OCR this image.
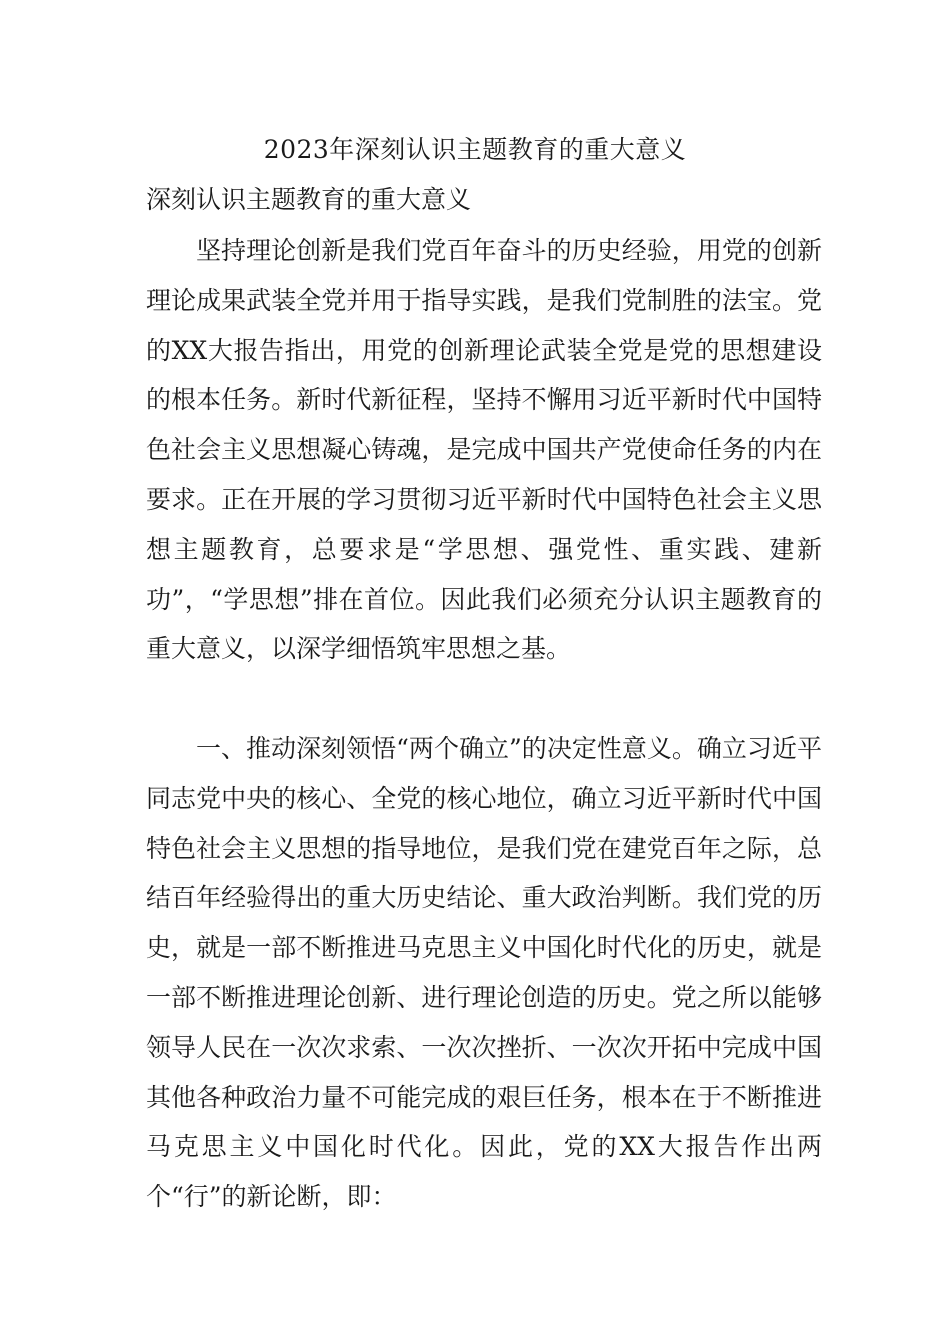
2023年深刻认识主题教育的重大意义
深刻认识主题教育的重大意义

坚持理论创新是我们党百年奋斗的历史经验，用党的创新理论成果武装全党并用于指导实践，是我们党制胜的法宝。党的XX大报告指出，用党的创新理论武装全党是党的思想建设的根本任务。新时代新征程，坚持不懈用习近平新时代中国特色社会主义思想凝心铸魂，是完成中国共产党使命任务的内在要求。正在开展的学习贯彻习近平新时代中国特色社会主义思想主题教育，总要求是“学思想、强党性、重实践、建新功”，“学思想”排在首位。因此我们必须充分认识主题教育的重大意义，以深学细悟筑牢思想之基。

一、推动深刻领悟“两个确立”的决定性意义。确立习近平同志党中央的核心、全党的核心地位，确立习近平新时代中国特色社会主义思想的指导地位，是我们党在建党百年之际，总结百年经验得出的重大历史结论、重大政治判断。我们党的历史，就是一部不断推进马克思主义中国化时代化的历史，就是一部不断推进理论创新、进行理论创造的历史。党之所以能够领导人民在一次次求索、一次次挫折、一次次开拓中完成中国其他各种政治力量不可能完成的艰巨任务，根本在于不断推进马克思主义中国化时代化。因此，党的XX大报告作出两个“行”的新论断，即：
